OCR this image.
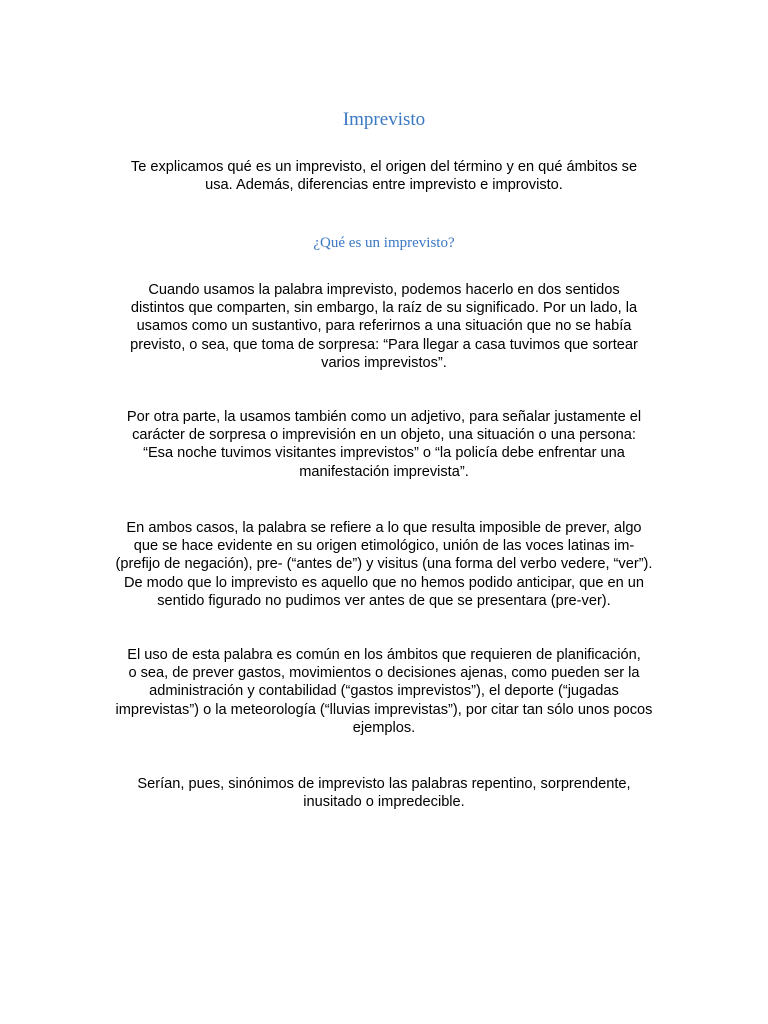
Imprevisto

Te explicamos qué es un imprevisto, el origen del término y en qué ámbitos se
usa. Además, diferencias entre imprevisto e improvisto.

¿Qué es un imprevisto?

Cuando usamos la palabra imprevisto, podemos hacerlo en dos sentidos
distintos que comparten, sin embargo, la raíz de su significado. Por un lado, la
usamos como un sustantivo, para referirnos a una situación que no se había
previsto, o sea, que toma de sorpresa: “Para llegar a casa tuvimos que sortear
varios imprevistos”.

Por otra parte, la usamos también como un adjetivo, para señalar justamente el
carácter de sorpresa o imprevisión en un objeto, una situación o una persona:
“Esa noche tuvimos visitantes imprevistos” o “la policía debe enfrentar una
manifestación imprevista”.

En ambos casos, la palabra se refiere a lo que resulta imposible de prever, algo
que se hace evidente en su origen etimológico, unión de las voces latinas im-
(prefijo de negación), pre- (“antes de”) y visitus (una forma del verbo vedere, “ver”).
De modo que lo imprevisto es aquello que no hemos podido anticipar, que en un
sentido figurado no pudimos ver antes de que se presentara (pre-ver).

El uso de esta palabra es común en los ámbitos que requieren de planificación,
o sea, de prever gastos, movimientos o decisiones ajenas, como pueden ser la
administración y contabilidad (“gastos imprevistos”), el deporte (“jugadas
imprevistas”) o la meteorología (“lluvias imprevistas”), por citar tan sólo unos pocos
ejemplos.

Serían, pues, sinónimos de imprevisto las palabras repentino, sorprendente,
inusitado o impredecible.
